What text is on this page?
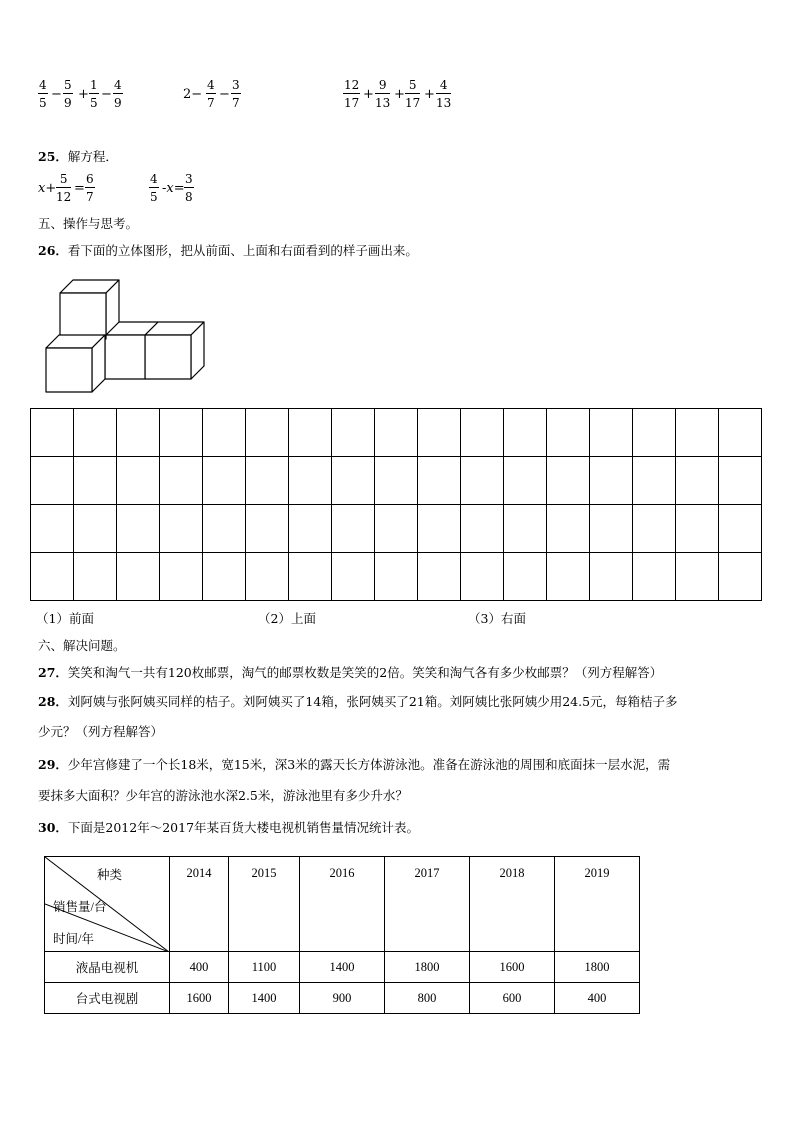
$\frac{4}{5} - \frac{5}{9} + \frac{1}{5} - \frac{4}{9}$	$2- \frac{4}{7} - \frac{3}{7}$	$\frac{12}{17} + \frac{9}{13} + \frac{5}{17} + \frac{4}{13}$
25．解方程．
$x+ \frac{5}{12} = \frac{6}{7}$	$\frac{4}{5} -x= \frac{3}{8}$
五、操作与思考。
26．看下面的立体图形，把从前面、上面和右面看到的样子画出来。

（1）前面	（2）上面	（3）右面
六、解决问题。
27．笑笑和淘气一共有120枚邮票，淘气的邮票枚数是笑笑的2倍。笑笑和淘气各有多少枚邮票？（列方程解答）
28．刘阿姨与张阿姨买同样的桔子。刘阿姨买了14箱，张阿姨买了21箱。刘阿姨比张阿姨少用24.5元，每箱桔子多
少元？（列方程解答）
29．少年宫修建了一个长18米，宽15米，深3米的露天长方体游泳池。准备在游泳池的周围和底面抹一层水泥，需
要抹多大面积？少年宫的游泳池水深2.5米，游泳池里有多少升水？
30．下面是2012年～2017年某百货大楼电视机销售量情况统计表。
种类
销售量/台
时间/年	2014	2015	2016	2017	2018	2019
液晶电视机	400	1100	1400	1800	1600	1800
台式电视剧	1600	1400	900	800	600	400
